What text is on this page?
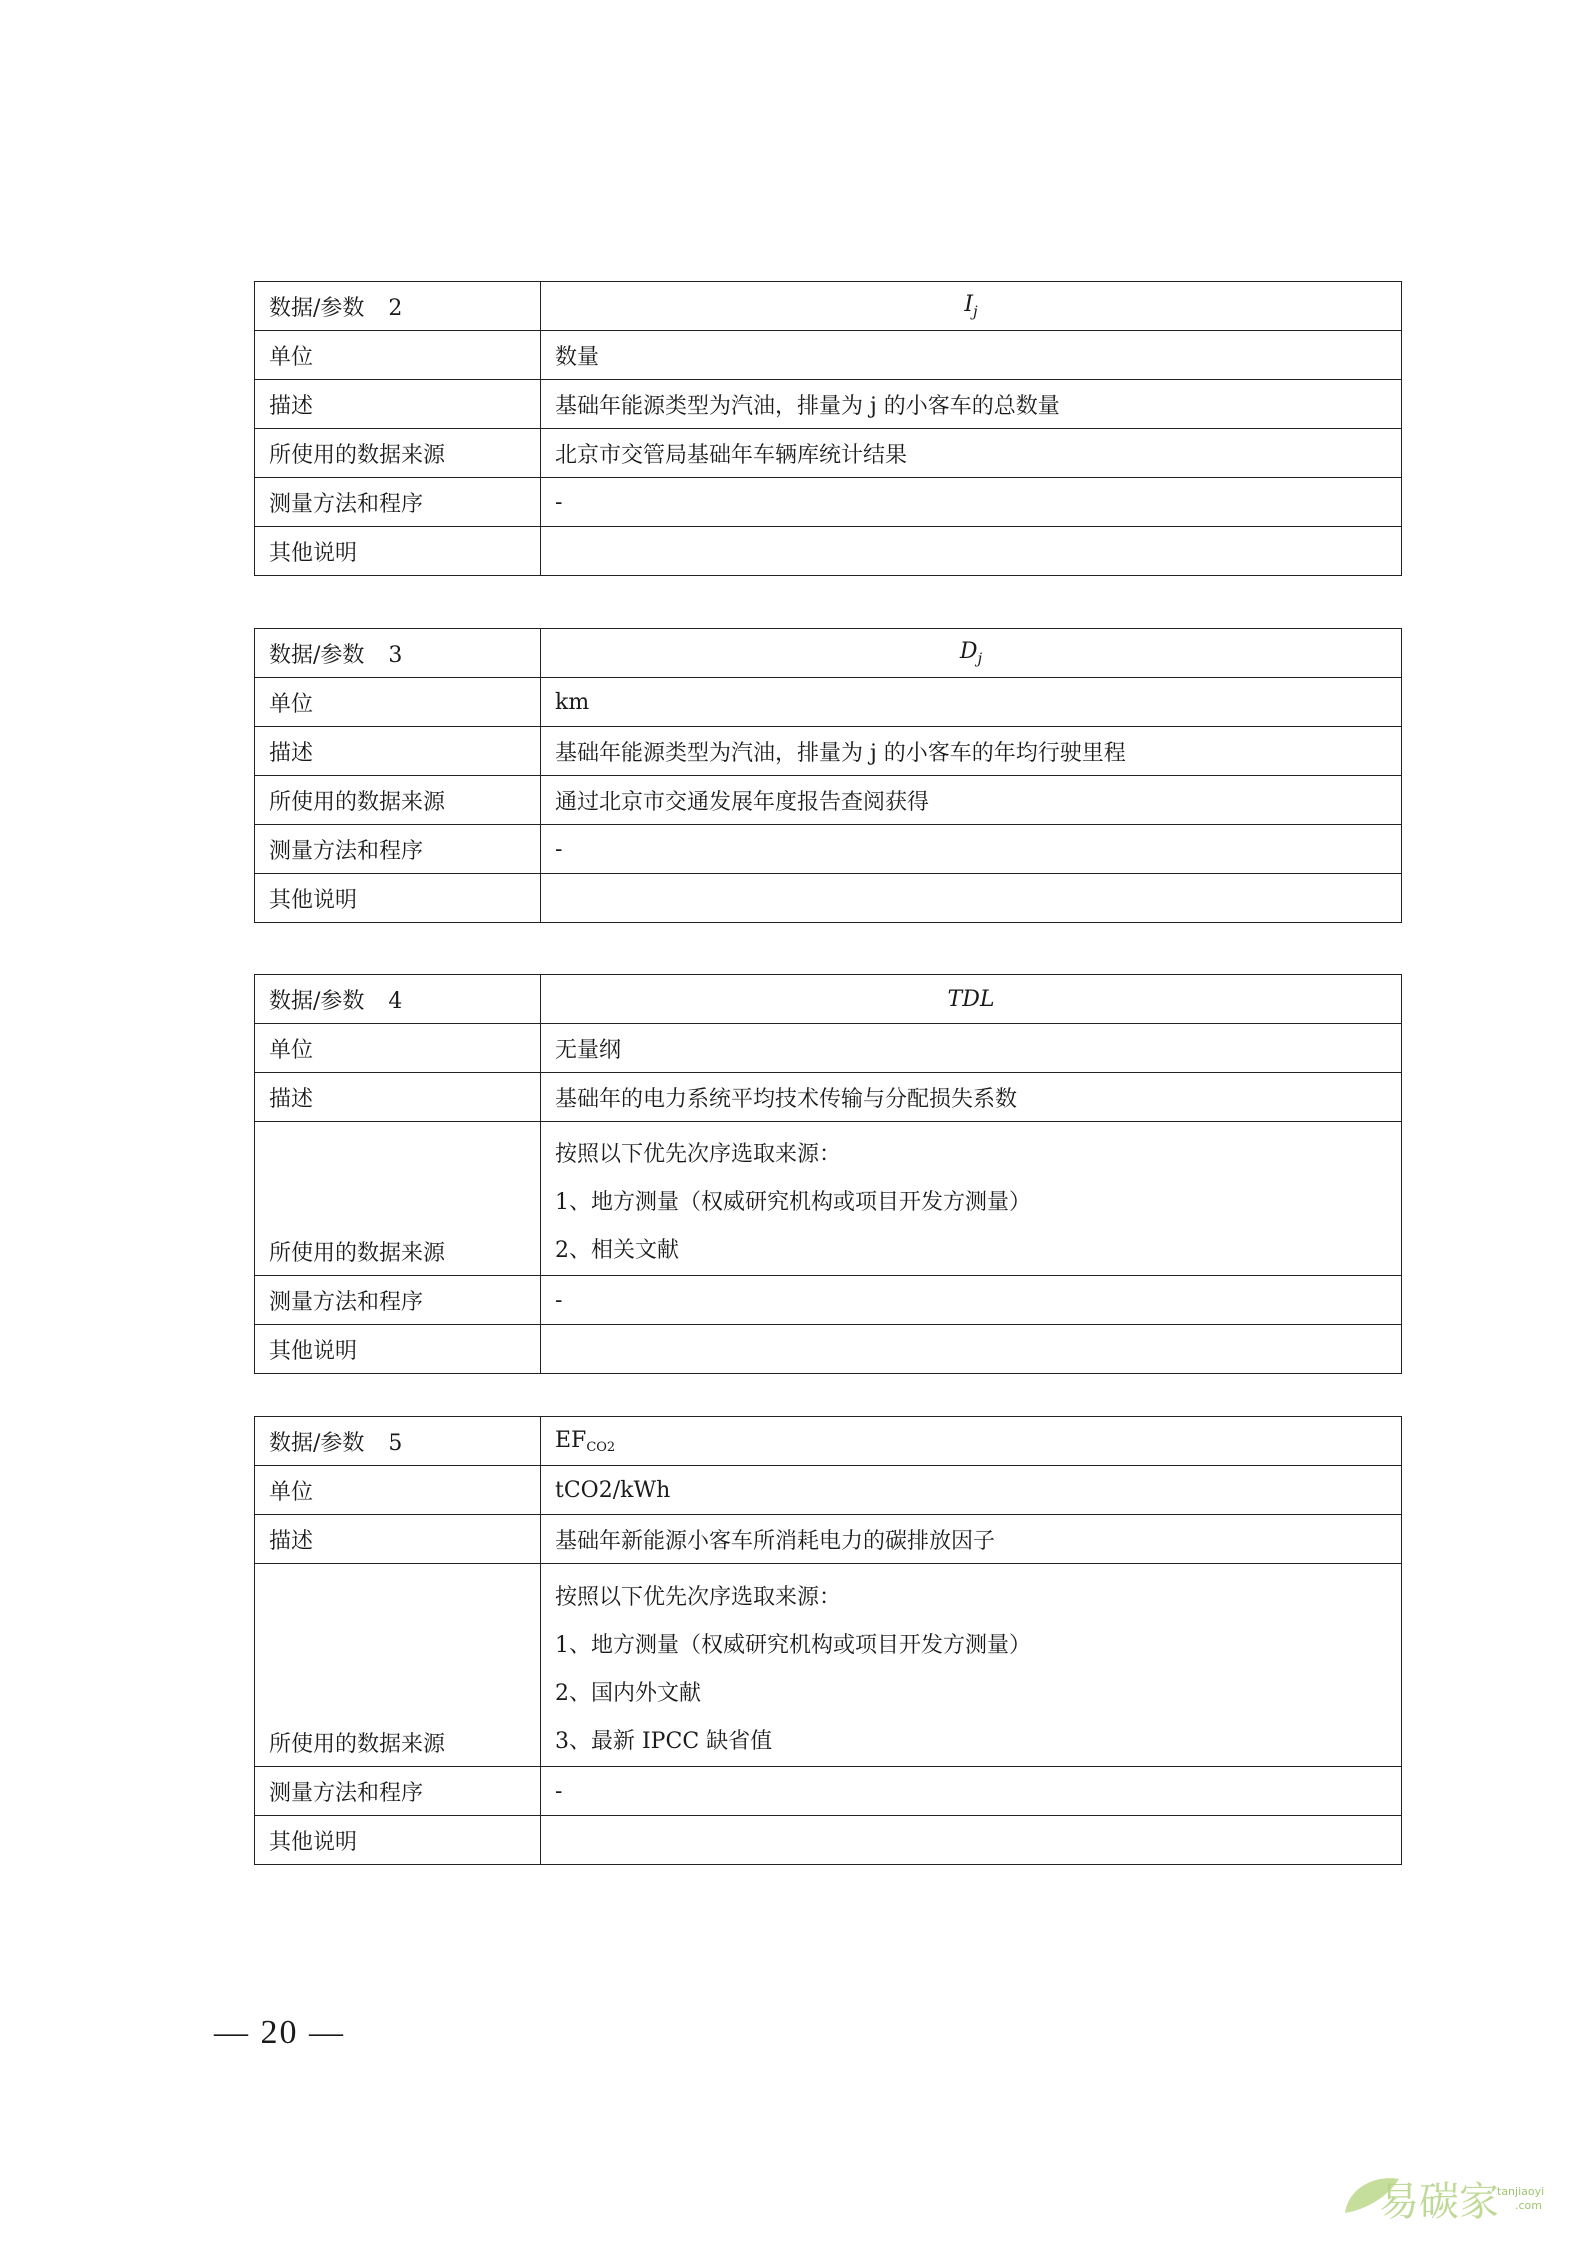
数据/参数 2	$I_j$
单位	数量
描述	基础年能源类型为汽油，排量为 j 的小客车的总数量
所使用的数据来源	北京市交管局基础年车辆库统计结果
测量方法和程序	-
其他说明	
数据/参数 3	$D_j$
单位	km
描述	基础年能源类型为汽油，排量为 j 的小客车的年均行驶里程
所使用的数据来源	通过北京市交通发展年度报告查阅获得
测量方法和程序	-
其他说明	
数据/参数 4	TDL
单位	无量纲
描述	基础年的电力系统平均技术传输与分配损失系数
所使用的数据来源	按照以下优先次序选取来源：
1、地方测量（权威研究机构或项目开发方测量）
2、相关文献

测量方法和程序	-
其他说明	
数据/参数 5	$EF_{CO2}$
单位	tCO2/kWh
描述	基础年新能源小客车所消耗电力的碳排放因子
所使用的数据来源	按照以下优先次序选取来源：
1、地方测量（权威研究机构或项目开发方测量）
2、国内外文献
3、最新 IPCC 缺省值

测量方法和程序	-
其他说明	
— 20 —
易碳家
tanjiaoyi
.com
